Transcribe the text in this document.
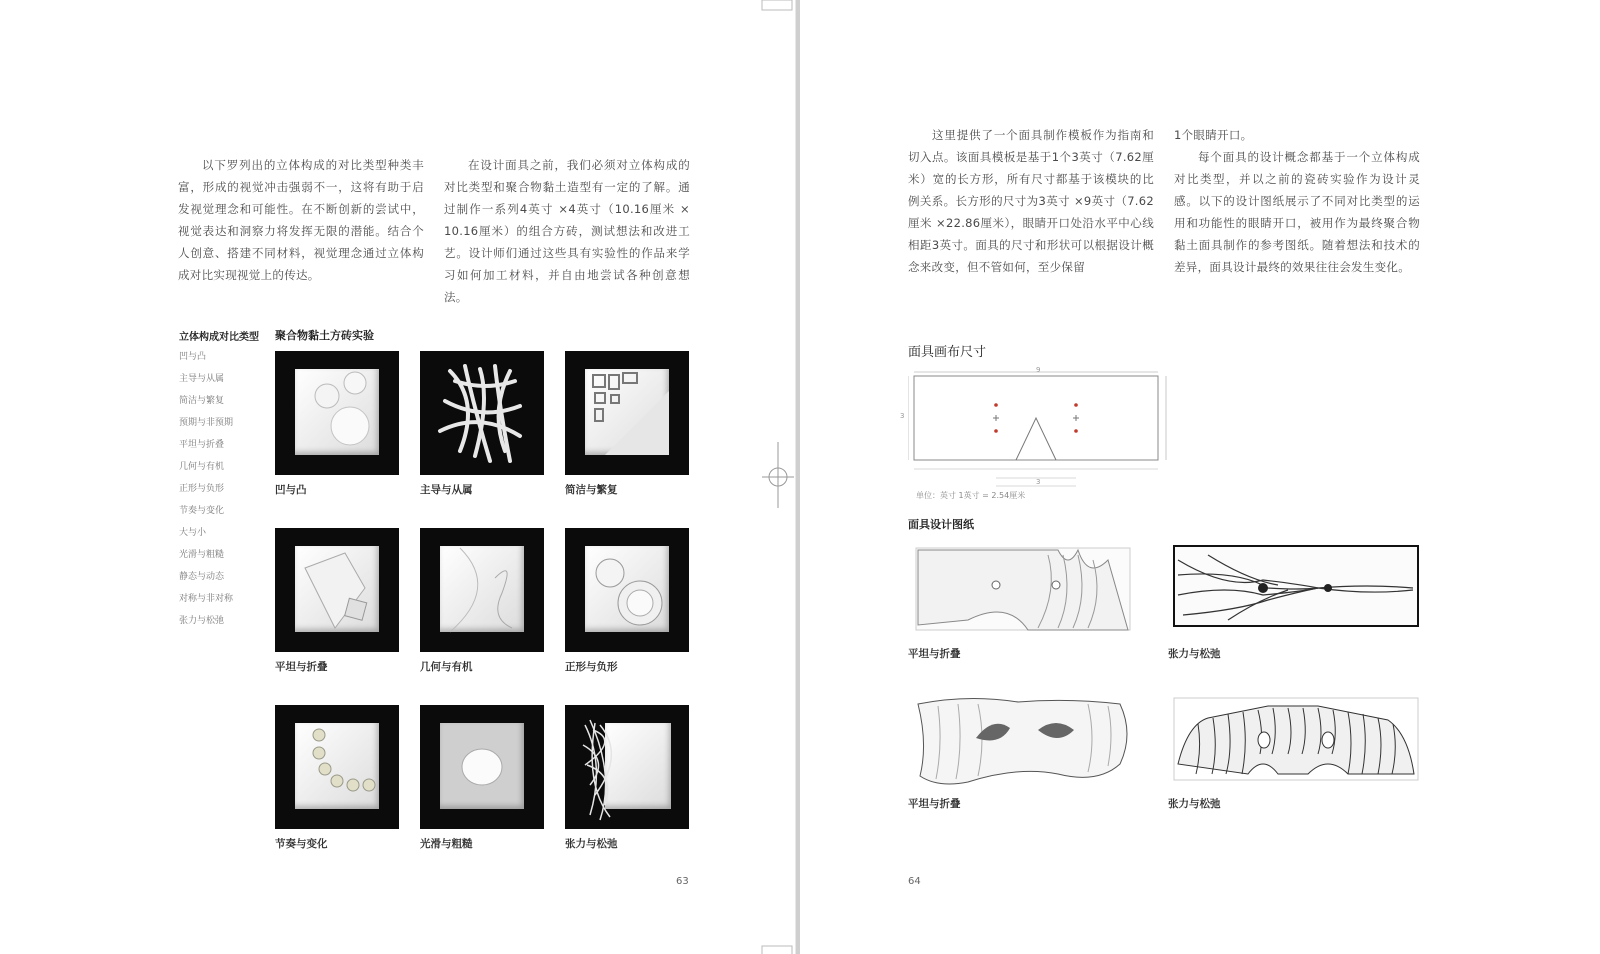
以下罗列出的立体构成的对比类型种类丰富，形成的视觉冲击强弱不一，这将有助于启发视觉理念和可能性。在不断创新的尝试中，视觉表达和洞察力将发挥无限的潜能。结合个人创意、搭建不同材料，视觉理念通过立体构成对比实现视觉上的传达。
在设计面具之前，我们必须对立体构成的对比类型和聚合物黏土造型有一定的了解。通过制作一系列4英寸 ×4英寸（10.16厘米 × 10.16厘米）的组合方砖，测试想法和改进工艺。设计师们通过这些具有实验性的作品来学习如何加工材料，并自由地尝试各种创意想法。
立体构成对比类型
凹与凸
主导与从属
简洁与繁复
预期与非预期
平坦与折叠
几何与有机
正形与负形
节奏与变化
大与小
光滑与粗糙
静态与动态
对称与非对称
张力与松弛
聚合物黏土方砖实验
凹与凸	主导与从属	简洁与繁复
平坦与折叠	几何与有机	正形与负形
节奏与变化	光滑与粗糙	张力与松弛
63
这里提供了一个面具制作模板作为指南和切入点。该面具模板是基于1个3英寸（7.62厘米）宽的长方形，所有尺寸都基于该模块的比例关系。长方形的尺寸为3英寸 ×9英寸（7.62厘米 ×22.86厘米），眼睛开口处沿水平中心线相距3英寸。面具的尺寸和形状可以根据设计概念来改变，但不管如何，至少保留
1个眼睛开口。
每个面具的设计概念都基于一个立体构成对比类型，并以之前的瓷砖实验作为设计灵感。以下的设计图纸展示了不同对比类型的运用和功能性的眼睛开口，被用作为最终聚合物黏土面具制作的参考图纸。随着想法和技术的差异，面具设计最终的效果往往会发生变化。
面具画布尺寸
9
3
3
单位：英寸 1英寸 = 2.54厘米
面具设计图纸
平坦与折叠	张力与松弛
平坦与折叠	张力与松弛
64
